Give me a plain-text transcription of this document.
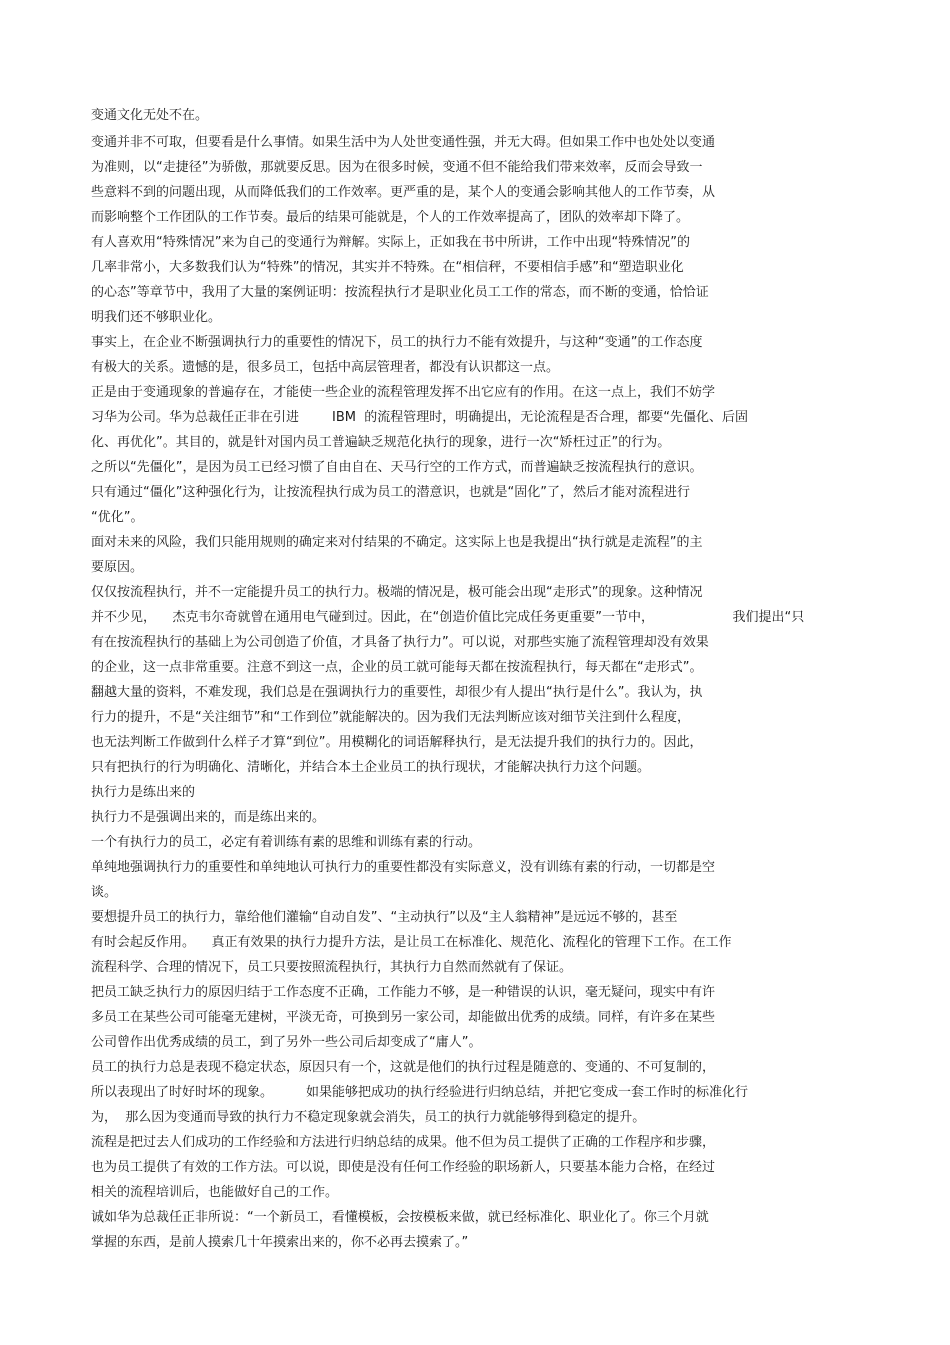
变通文化无处不在。

变通并非不可取，但要看是什么事情。如果生活中为人处世变通性强，并无大碍。但如果工作中也处处以变通

为准则，以“走捷径”为骄傲，那就要反思。因为在很多时候，变通不但不能给我们带来效率，反而会导致一

些意料不到的问题出现，从而降低我们的工作效率。更严重的是，某个人的变通会影响其他人的工作节奏，从

而影响整个工作团队的工作节奏。最后的结果可能就是，个人的工作效率提高了，团队的效率却下降了。

有人喜欢用“特殊情况”来为自己的变通行为辩解。实际上，正如我在书中所讲，工作中出现“特殊情况”的

几率非常小，大多数我们认为“特殊”的情况，其实并不特殊。在“相信秤，不要相信手感”和“塑造职业化

的心态”等章节中，我用了大量的案例证明：按流程执行才是职业化员工工作的常态，而不断的变通，恰恰证

明我们还不够职业化。

事实上，在企业不断强调执行力的重要性的情况下，员工的执行力不能有效提升，与这种“变通”的工作态度

有极大的关系。遗憾的是，很多员工，包括中高层管理者，都没有认识都这一点。

正是由于变通现象的普遍存在，才能使一些企业的流程管理发挥不出它应有的作用。在这一点上，我们不妨学

习华为公司。华为总裁任正非在引进        IBM  的流程管理时，明确提出，无论流程是否合理，都要“先僵化、后固

化、再优化”。其目的，就是针对国内员工普遍缺乏规范化执行的现象，进行一次“矫枉过正”的行为。

之所以“先僵化”，是因为员工已经习惯了自由自在、天马行空的工作方式，而普遍缺乏按流程执行的意识。

只有通过“僵化”这种强化行为，让按流程执行成为员工的潜意识，也就是“固化”了，然后才能对流程进行

“优化”。

面对未来的风险，我们只能用规则的确定来对付结果的不确定。这实际上也是我提出“执行就是走流程”的主

要原因。

仅仅按流程执行，并不一定能提升员工的执行力。极端的情况是，极可能会出现“走形式”的现象。这种情况

并不少见，    杰克韦尔奇就曾在通用电气碰到过。因此，在“创造价值比完成任务更重要”一节中，                   我们提出“只

有在按流程执行的基础上为公司创造了价值，才具备了执行力”。可以说，对那些实施了流程管理却没有效果

的企业，这一点非常重要。注意不到这一点，企业的员工就可能每天都在按流程执行，每天都在“走形式”。

翻越大量的资料，不难发现，我们总是在强调执行力的重要性，却很少有人提出“执行是什么”。我认为，执

行力的提升，不是“关注细节”和“工作到位”就能解决的。因为我们无法判断应该对细节关注到什么程度，

也无法判断工作做到什么样子才算“到位”。用模糊化的词语解释执行，是无法提升我们的执行力的。因此，

只有把执行的行为明确化、清晰化，并结合本土企业员工的执行现状，才能解决执行力这个问题。

执行力是练出来的

执行力不是强调出来的，而是练出来的。

一个有执行力的员工，必定有着训练有素的思维和训练有素的行动。

单纯地强调执行力的重要性和单纯地认可执行力的重要性都没有实际意义，没有训练有素的行动，一切都是空

谈。

要想提升员工的执行力，靠给他们灌输“自动自发”、“主动执行”以及“主人翁精神”是远远不够的，甚至

有时会起反作用。    真正有效果的执行力提升方法，是让员工在标准化、规范化、流程化的管理下工作。在工作

流程科学、合理的情况下，员工只要按照流程执行，其执行力自然而然就有了保证。

把员工缺乏执行力的原因归结于工作态度不正确，工作能力不够，是一种错误的认识，毫无疑问，现实中有许

多员工在某些公司可能毫无建树，平淡无奇，可换到另一家公司，却能做出优秀的成绩。同样，有许多在某些

公司曾作出优秀成绩的员工，到了另外一些公司后却变成了“庸人”。

员工的执行力总是表现不稳定状态，原因只有一个，这就是他们的执行过程是随意的、变通的、不可复制的，

所以表现出了时好时坏的现象。        如果能够把成功的执行经验进行归纳总结，并把它变成一套工作时的标准化行

为，  那么因为变通而导致的执行力不稳定现象就会消失，员工的执行力就能够得到稳定的提升。

流程是把过去人们成功的工作经验和方法进行归纳总结的成果。他不但为员工提供了正确的工作程序和步骤，

也为员工提供了有效的工作方法。可以说，即使是没有任何工作经验的职场新人，只要基本能力合格，在经过

相关的流程培训后，也能做好自己的工作。

诚如华为总裁任正非所说：“一个新员工，看懂模板，会按模板来做，就已经标准化、职业化了。你三个月就

掌握的东西，是前人摸索几十年摸索出来的，你不必再去摸索了。”
